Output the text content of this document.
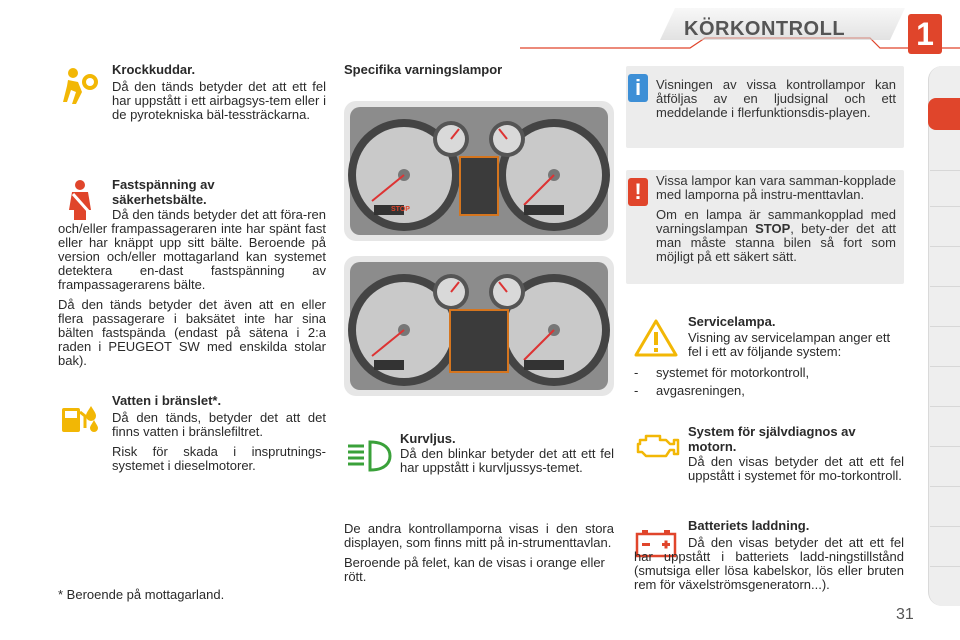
KÖRKONTROLL 1

Krockkuddar.

Då den tänds betyder det att ett fel har uppstått i ett airbagsys-tem eller i de pyrotekniska bäl-tessträckarna.

Fastspänning av säkerhetsbälte.

Då den tänds betyder det att föra-ren och/eller frampassageraren inte har spänt fast eller har knäppt upp sitt bälte. Beroende på version och/eller mottagarland kan systemet detektera en-dast fastspänning av frampassagerarens bälte.

Då den tänds betyder det även att en eller flera passagerare i baksätet inte har sina bälten fastspända (endast på sätena i 2:a raden i PEUGEOT SW med enskilda stolar bak).

Vatten i bränslet*.

Då den tänds, betyder det att det finns vatten i bränslefiltret.

Risk för skada i insprutnings-systemet i dieselmotorer.

* Beroende på mottagarland.

Specifika varningslampor

STOP

Kurvljus.

Då den blinkar betyder det att ett fel har uppstått i kurvljussys-temet.

De andra kontrollamporna visas i den stora displayen, som finns mitt på in-strumenttavlan.

Beroende på felet, kan de visas i orange eller rött.

i	Visningen av vissa kontrollampor kan åtföljas av en ljudsignal och ett meddelande i flerfunktionsdis-playen.

!	Vissa lampor kan vara samman-kopplade med lamporna på instru-menttavlan.

Om en lampa är sammankopplad med varningslampan STOP, bety-der det att man måste stanna bilen så fort som möjligt på ett säkert sätt.

Servicelampa.

Visning av servicelampan anger ett fel i ett av följande system:

- systemet för motorkontroll,
- avgasreningen,

System för självdiagnos av motorn.

Då den visas betyder det att ett fel uppstått i systemet för mo-torkontroll.

Batteriets laddning.

Då den visas betyder det att ett fel har uppstått i batteriets ladd-ningstillstånd (smutsiga eller lösa kabelskor, lös eller bruten rem för växelströmsgeneratorn...).

31
